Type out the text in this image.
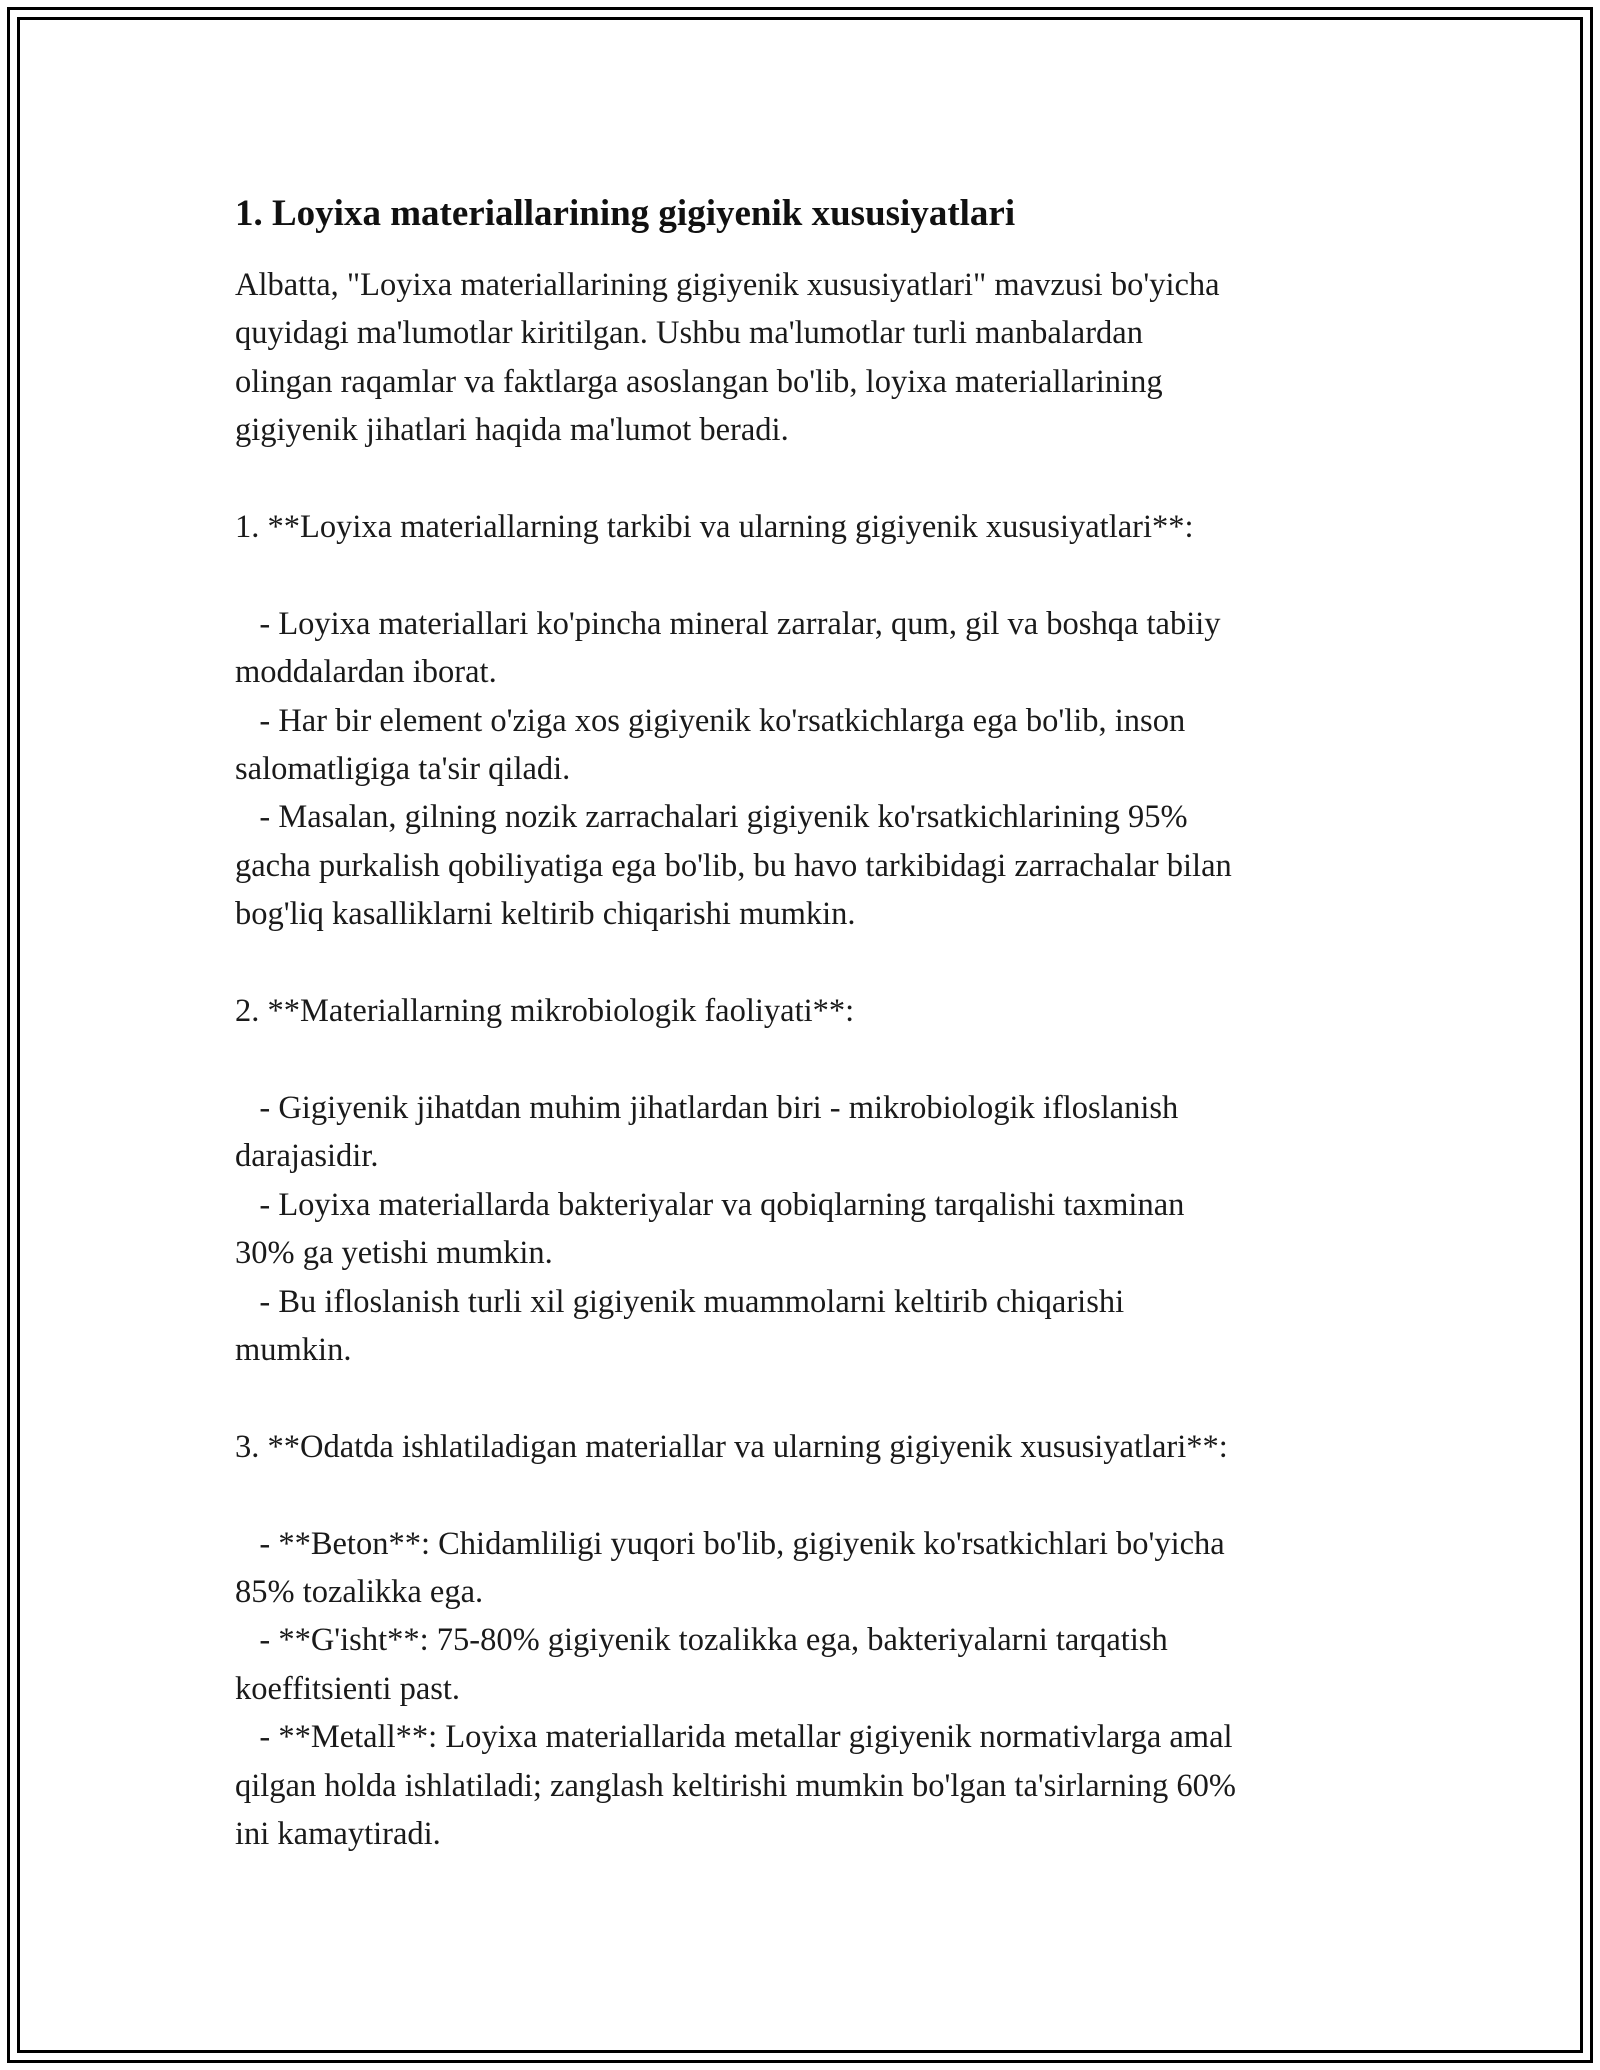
1. Loyixa materiallarining gigiyenik xususiyatlari

Albatta, "Loyixa materiallarining gigiyenik xususiyatlari" mavzusi bo'yicha
quyidagi ma'lumotlar kiritilgan. Ushbu ma'lumotlar turli manbalardan
olingan raqamlar va faktlarga asoslangan bo'lib, loyixa materiallarining
gigiyenik jihatlari haqida ma'lumot beradi.

1. **Loyixa materiallarning tarkibi va ularning gigiyenik xususiyatlari**:

- Loyixa materiallari ko'pincha mineral zarralar, qum, gil va boshqa tabiiy
moddalardan iborat.
- Har bir element o'ziga xos gigiyenik ko'rsatkichlarga ega bo'lib, inson
salomatligiga ta'sir qiladi.
- Masalan, gilning nozik zarrachalari gigiyenik ko'rsatkichlarining 95%
gacha purkalish qobiliyatiga ega bo'lib, bu havo tarkibidagi zarrachalar bilan
bog'liq kasalliklarni keltirib chiqarishi mumkin.

2. **Materiallarning mikrobiologik faoliyati**:

- Gigiyenik jihatdan muhim jihatlardan biri - mikrobiologik ifloslanish
darajasidir.
- Loyixa materiallarda bakteriyalar va qobiqlarning tarqalishi taxminan
30% ga yetishi mumkin.
- Bu ifloslanish turli xil gigiyenik muammolarni keltirib chiqarishi
mumkin.

3. **Odatda ishlatiladigan materiallar va ularning gigiyenik xususiyatlari**:

- **Beton**: Chidamliligi yuqori bo'lib, gigiyenik ko'rsatkichlari bo'yicha
85% tozalikka ega.
- **G'isht**: 75-80% gigiyenik tozalikka ega, bakteriyalarni tarqatish
koeffitsienti past.
- **Metall**: Loyixa materiallarida metallar gigiyenik normativlarga amal
qilgan holda ishlatiladi; zanglash keltirishi mumkin bo'lgan ta'sirlarning 60%
ini kamaytiradi.
